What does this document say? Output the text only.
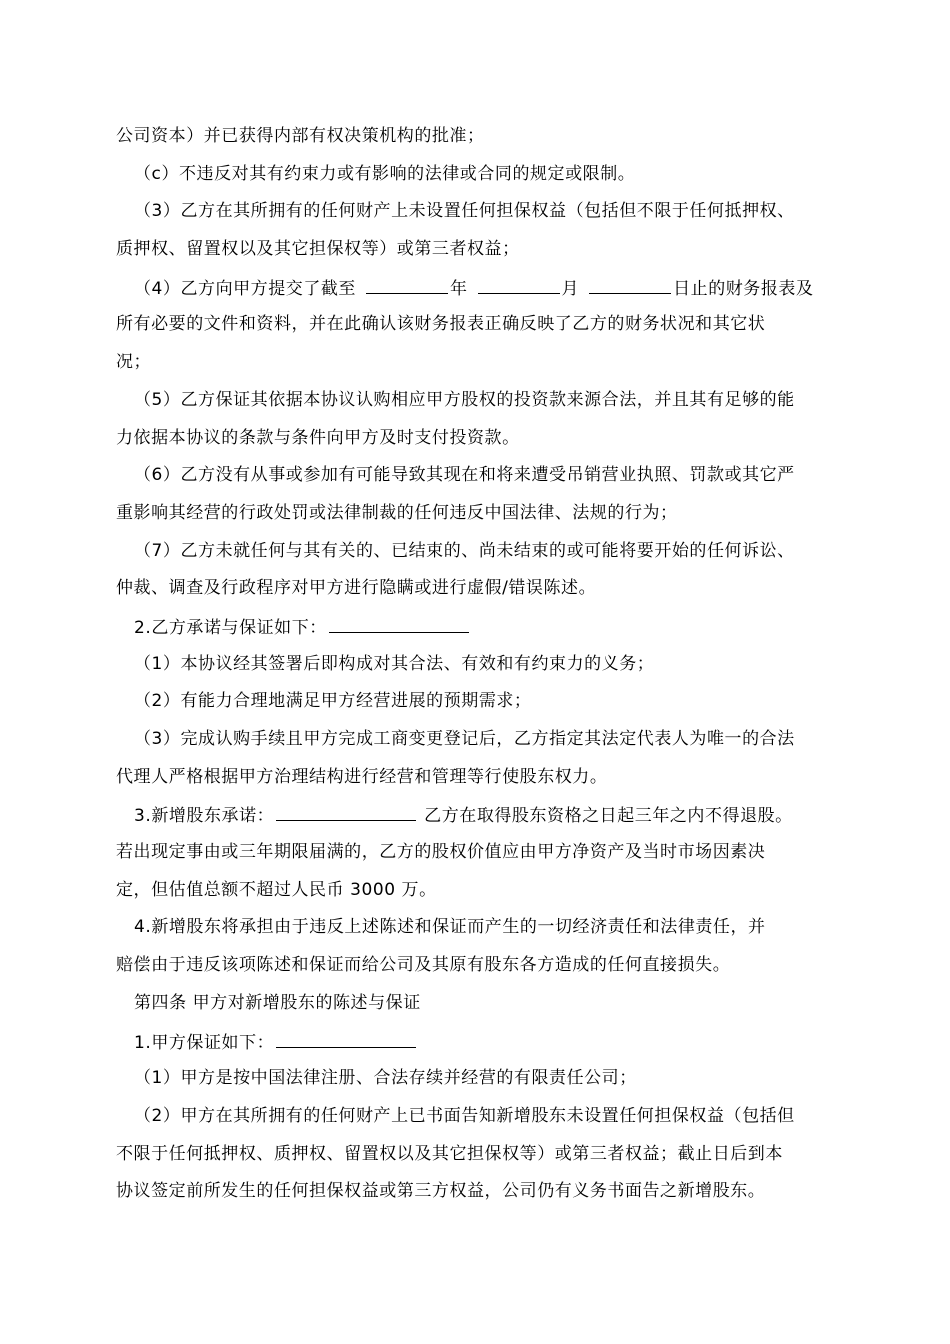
公司资本）并已获得内部有权决策机构的批准；
（c）不违反对其有约束力或有影响的法律或合同的规定或限制。
（3）乙方在其所拥有的任何财产上未设置任何担保权益（包括但不限于任何抵押权、
质押权、留置权以及其它担保权等）或第三者权益；
（4）乙方向甲方提交了截至	年	月	日止的财务报表及
所有必要的文件和资料，并在此确认该财务报表正确反映了乙方的财务状况和其它状
况；
（5）乙方保证其依据本协议认购相应甲方股权的投资款来源合法，并且其有足够的能
力依据本协议的条款与条件向甲方及时支付投资款。
（6）乙方没有从事或参加有可能导致其现在和将来遭受吊销营业执照、罚款或其它严
重影响其经营的行政处罚或法律制裁的任何违反中国法律、法规的行为；
（7）乙方未就任何与其有关的、已结束的、尚未结束的或可能将要开始的任何诉讼、
仲裁、调查及行政程序对甲方进行隐瞒或进行虚假/错误陈述。
2.乙方承诺与保证如下：
（1）本协议经其签署后即构成对其合法、有效和有约束力的义务；
（2）有能力合理地满足甲方经营进展的预期需求；
（3）完成认购手续且甲方完成工商变更登记后，乙方指定其法定代表人为唯一的合法
代理人严格根据甲方治理结构进行经营和管理等行使股东权力。
3.新增股东承诺：	乙方在取得股东资格之日起三年之内不得退股。
若出现定事由或三年期限届满的，乙方的股权价值应由甲方净资产及当时市场因素决
定，但估值总额不超过人民币 3000 万。
4.新增股东将承担由于违反上述陈述和保证而产生的一切经济责任和法律责任，并
赔偿由于违反该项陈述和保证而给公司及其原有股东各方造成的任何直接损失。
第四条 甲方对新增股东的陈述与保证
1.甲方保证如下：
（1）甲方是按中国法律注册、合法存续并经营的有限责任公司；
（2）甲方在其所拥有的任何财产上已书面告知新增股东未设置任何担保权益（包括但
不限于任何抵押权、质押权、留置权以及其它担保权等）或第三者权益；截止日后到本
协议签定前所发生的任何担保权益或第三方权益，公司仍有义务书面告之新增股东。
